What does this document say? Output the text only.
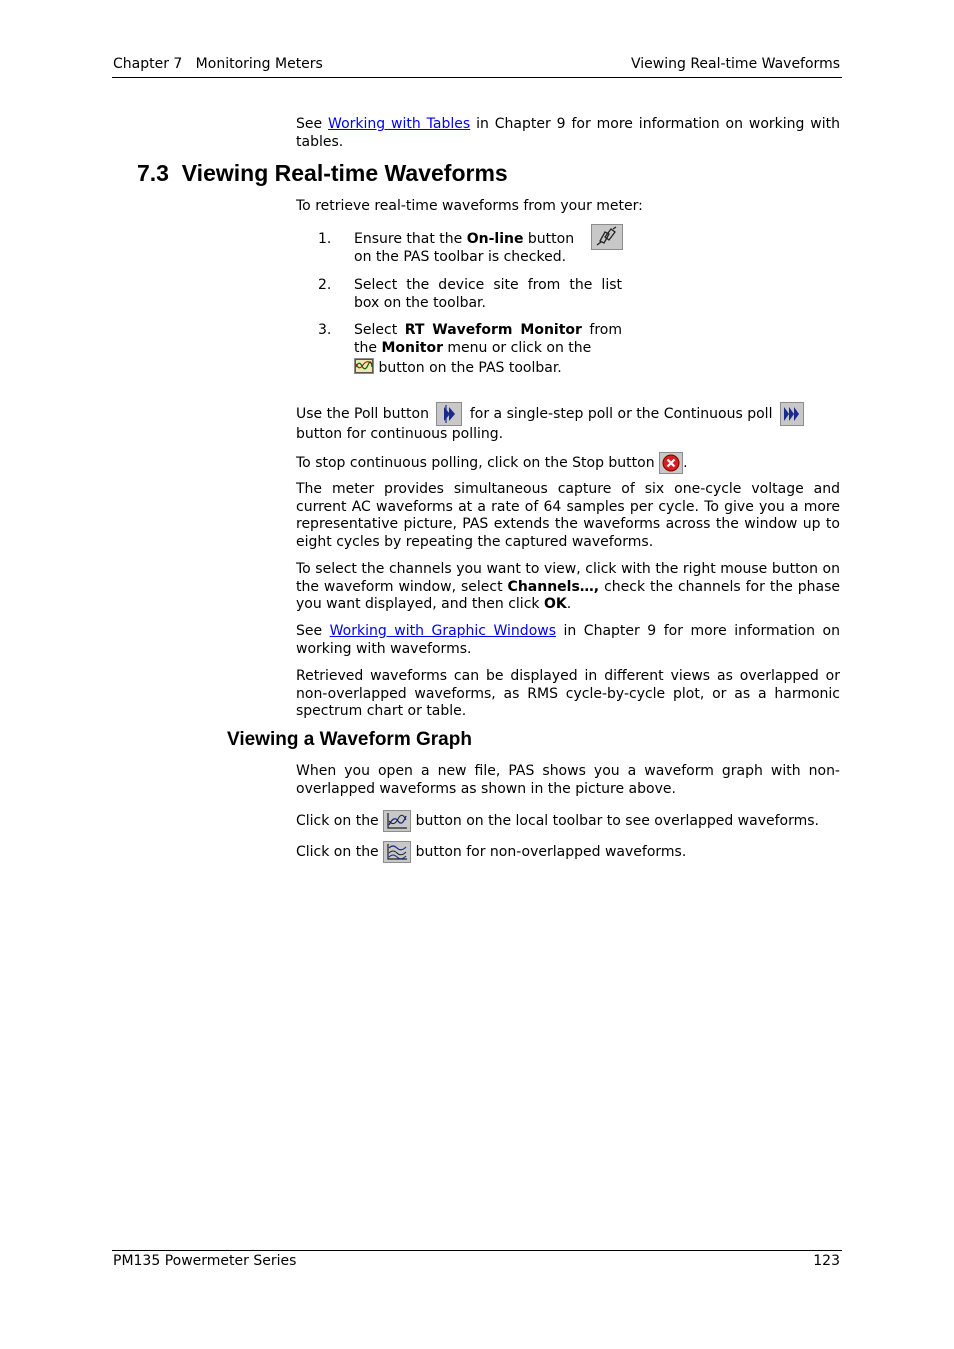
Chapter 7   Monitoring Meters	Viewing Real-time Waveforms
See Working with Tables in Chapter 9 for more information on working with tables.
7.3  Viewing Real-time Waveforms
To retrieve real-time waveforms from your meter:
1. Ensure that the On-line button
on the PAS toolbar is checked.
2. Select the device site from the list box on the toolbar.
3. Select RT Waveform Monitor from the Monitor menu or click on the

button on the PAS toolbar.
Use the Poll button	for a single-step poll or the Continuous poll

button for continuous polling.
To stop continuous polling, click on the Stop button .
The meter provides simultaneous capture of six one-cycle voltage and current AC waveforms at a rate of 64 samples per cycle. To give you a more representative picture, PAS extends the waveforms across the window up to eight cycles by repeating the captured waveforms.
To select the channels you want to view, click with the right mouse button on the waveform window, select Channels…, check the channels for the phase you want displayed, and then click OK.
See Working with Graphic Windows in Chapter 9 for more information on working with waveforms.
Retrieved waveforms can be displayed in different views as overlapped or non-overlapped waveforms, as RMS cycle-by-cycle plot, or as a harmonic spectrum chart or table.
Viewing a Waveform Graph
When you open a new file, PAS shows you a waveform graph with non-overlapped waveforms as shown in the picture above.
Click on the	button on the local toolbar to see overlapped waveforms.
Click on the	button for non-overlapped waveforms.
PM135 Powermeter Series	123
